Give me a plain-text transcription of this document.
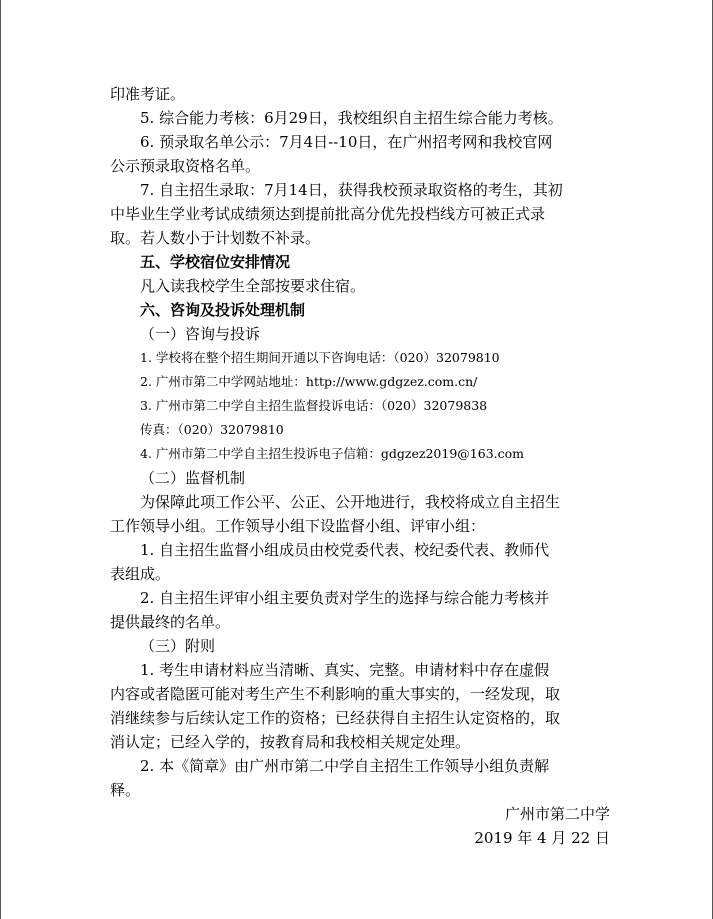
印准考证。

5. 综合能力考核：6月29日，我校组织自主招生综合能力考核。

6. 预录取名单公示：7月4日--10日，在广州招考网和我校官网

公示预录取资格名单。

7. 自主招生录取：7月14日，获得我校预录取资格的考生，其初

中毕业生学业考试成绩须达到提前批高分优先投档线方可被正式录

取。若人数小于计划数不补录。

五、学校宿位安排情况

凡入读我校学生全部按要求住宿。

六、咨询及投诉处理机制

（一）咨询与投诉

1. 学校将在整个招生期间开通以下咨询电话：（020）32079810

2. 广州市第二中学网站地址：http://www.gdgzez.com.cn/

3. 广州市第二中学自主招生监督投诉电话：（020）32079838

传真：（020）32079810

4. 广州市第二中学自主招生投诉电子信箱：gdgzez2019@163.com

（二）监督机制

为保障此项工作公平、公正、公开地进行，我校将成立自主招生

工作领导小组。工作领导小组下设监督小组、评审小组：

1. 自主招生监督小组成员由校党委代表、校纪委代表、教师代

表组成。

2. 自主招生评审小组主要负责对学生的选择与综合能力考核并

提供最终的名单。

（三）附则

1. 考生申请材料应当清晰、真实、完整。申请材料中存在虚假

内容或者隐匿可能对考生产生不利影响的重大事实的，一经发现，取

消继续参与后续认定工作的资格；已经获得自主招生认定资格的，取

消认定；已经入学的，按教育局和我校相关规定处理。

2. 本《简章》由广州市第二中学自主招生工作领导小组负责解

释。

广州市第二中学

2019 年 4 月 22 日
